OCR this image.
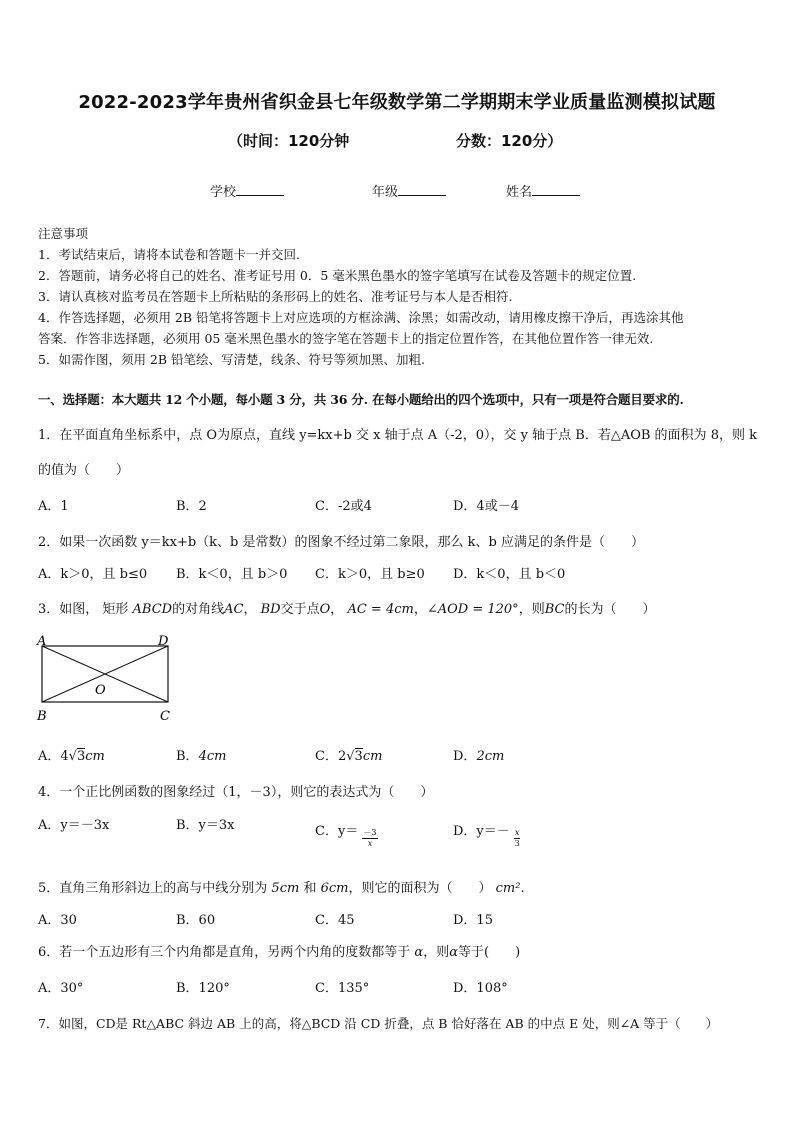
2022-2023学年贵州省织金县七年级数学第二学期期末学业质量监测模拟试题
（时间：120分钟	分数：120分）
学校	年级	姓名
注意事项
1．考试结束后，请将本试卷和答题卡一并交回.
2．答题前，请务必将自己的姓名、准考证号用 0．5 毫米黑色墨水的签字笔填写在试卷及答题卡的规定位置.
3．请认真核对监考员在答题卡上所粘贴的条形码上的姓名、准考证号与本人是否相符.
4．作答选择题，必须用 2B 铅笔将答题卡上对应选项的方框涂满、涂黑；如需改动，请用橡皮擦干净后，再选涂其他
答案．作答非选择题，必须用 05 毫米黑色墨水的签字笔在答题卡上的指定位置作答，在其他位置作答一律无效.
5．如需作图，须用 2B 铅笔绘、写清楚，线条、符号等须加黑、加粗.
一、选择题：本大题共 12 个小题，每小题 3 分，共 36 分. 在每小题给出的四个选项中，只有一项是符合题目要求的.
1．在平面直角坐标系中，点 O为原点，直线 y=kx+b 交 x 轴于点 A（-2，0），交 y 轴于点 B．若△AOB 的面积为 8，则 k
的值为（　　）
A．1	B．2	C．-2或4	D．4或－4
2．如果一次函数 y＝kx+b（k、b 是常数）的图象不经过第二象限，那么 k、b 应满足的条件是（　　）
A．k＞0，且 b≤0 B．k＜0，且 b＞0 C．k＞0，且 b≥0 D．k＜0，且 b＜0
3．如图， 矩形 ABCD的对角线AC， BD交于点O， AC = 4cm，∠AOD = 120°，则BC的长为（　　）
A	D
O
B	C
A．4√3cm	B．4cm	C．2√3cm	D．2cm
4．一个正比例函数的图象经过（1，－3），则它的表达式为（　　）
A．y＝－3x	B．y＝3x	C．$y= \frac{-3}{x}$	D．$y=- \frac{x}{3}$
5．直角三角形斜边上的高与中线分别为 5cm 和 6cm，则它的面积为（　　） cm².
A．30	B．60	C．45	D．15
6．若一个五边形有三个内角都是直角，另两个内角的度数都等于 α，则α等于(　　)
A．30°	B．120°	C．135°	D．108°
7．如图，CD是 Rt△ABC 斜边 AB 上的高，将△BCD 沿 CD 折叠，点 B 恰好落在 AB 的中点 E 处，则∠A 等于（　　）
